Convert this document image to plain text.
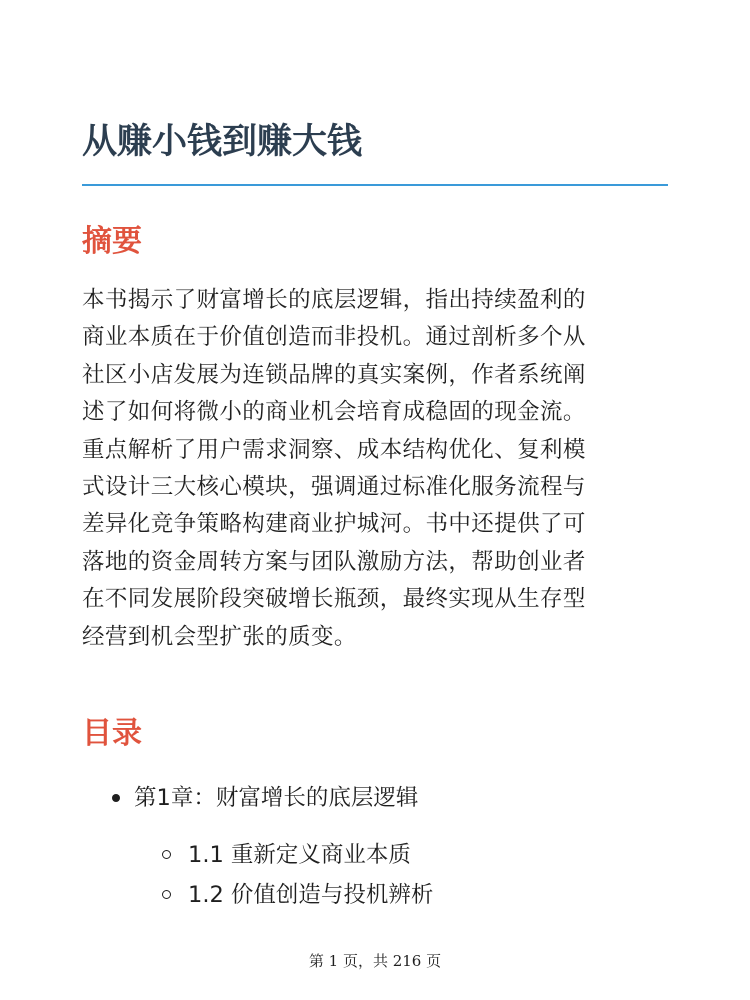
从赚小钱到赚大钱
摘要
本书揭示了财富增长的底层逻辑，指出持续盈利的
商业本质在于价值创造而非投机。通过剖析多个从
社区小店发展为连锁品牌的真实案例，作者系统阐
述了如何将微小的商业机会培育成稳固的现金流。
重点解析了用户需求洞察、成本结构优化、复利模
式设计三大核心模块，强调通过标准化服务流程与
差异化竞争策略构建商业护城河。书中还提供了可
落地的资金周转方案与团队激励方法，帮助创业者
在不同发展阶段突破增长瓶颈，最终实现从生存型
经营到机会型扩张的质变。
目录
第1章：财富增长的底层逻辑
1.1 重新定义商业本质
1.2 价值创造与投机辨析
第 1 页，共 216 页
